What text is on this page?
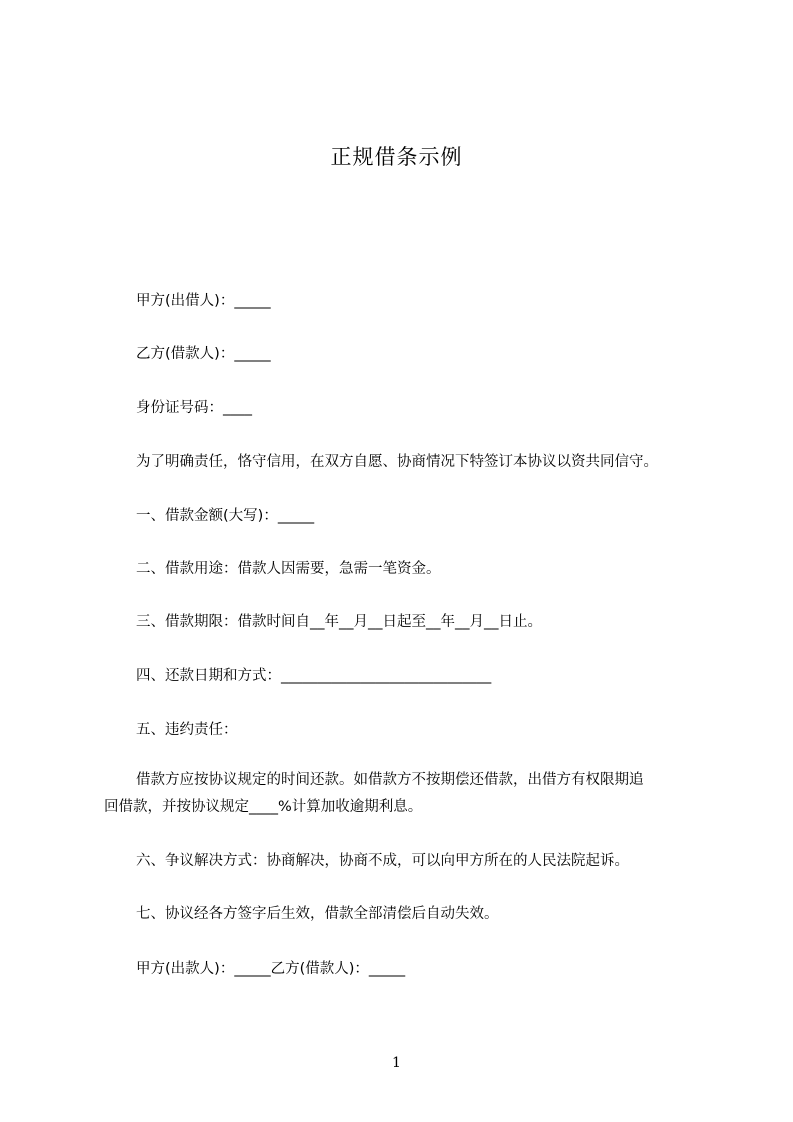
正规借条示例
甲方(出借人)：_____
乙方(借款人)：_____
身份证号码：____
为了明确责任，恪守信用，在双方自愿、协商情况下特签订本协议以资共同信守。
一、借款金额(大写)：_____
二、借款用途：借款人因需要，急需一笔资金。
三、借款期限：借款时间自__年__月__日起至__年__月__日止。
四、还款日期和方式：_____________________________
五、违约责任：
借款方应按协议规定的时间还款。如借款方不按期偿还借款，出借方有权限期追
回借款，并按协议规定____%计算加收逾期利息。
六、争议解决方式：协商解决，协商不成，可以向甲方所在的人民法院起诉。
七、协议经各方签字后生效，借款全部清偿后自动失效。
甲方(出款人)：_____乙方(借款人)：_____
1
